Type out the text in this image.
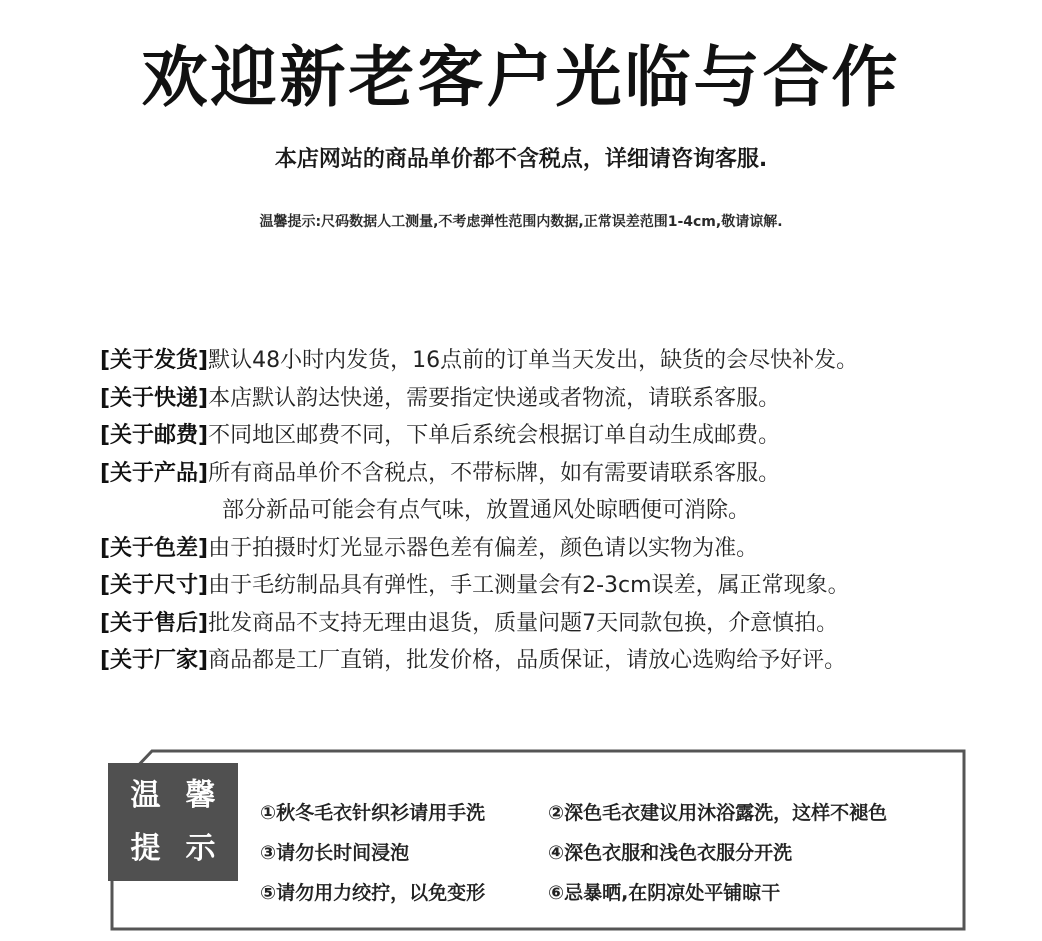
欢迎新老客户光临与合作
本店网站的商品单价都不含税点，详细请咨询客服.
温馨提示:尺码数据人工测量,不考虑弹性范围内数据,正常误差范围1-4cm,敬请谅解.
[关于发货]默认48小时内发货，16点前的订单当天发出，缺货的会尽快补发。
[关于快递]本店默认韵达快递，需要指定快递或者物流，请联系客服。
[关于邮费]不同地区邮费不同，下单后系统会根据订单自动生成邮费。
[关于产品]所有商品单价不含税点，不带标牌，如有需要请联系客服。
部分新品可能会有点气味，放置通风处晾晒便可消除。
[关于色差]由于拍摄时灯光显示器色差有偏差，颜色请以实物为准。
[关于尺寸]由于毛纺制品具有弹性，手工测量会有2-3cm误差，属正常现象。
[关于售后]批发商品不支持无理由退货，质量问题7天同款包换，介意慎拍。
[关于厂家]商品都是工厂直销，批发价格，品质保证，请放心选购给予好评。
温 馨
提 示
①秋冬毛衣针织衫请用手洗	②深色毛衣建议用沐浴露洗，这样不褪色
③请勿长时间浸泡	④深色衣服和浅色衣服分开洗
⑤请勿用力绞拧，以免变形	⑥忌暴晒,在阴凉处平铺晾干
